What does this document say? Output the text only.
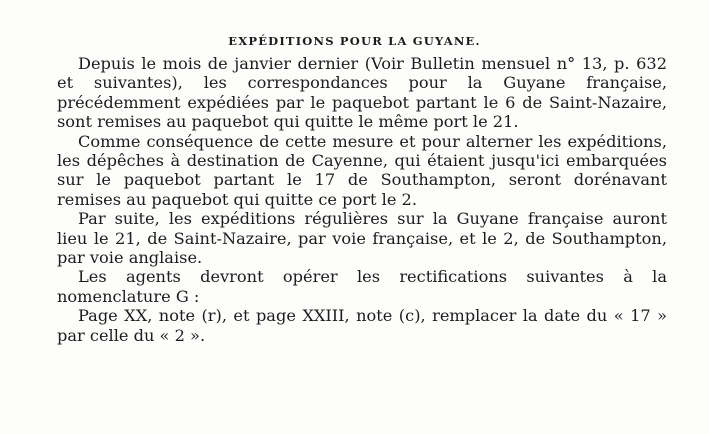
EXPÉDITIONS POUR LA GUYANE.

Depuis le mois de janvier dernier (Voir Bulletin mensuel n° 13, p. 632 et suivantes), les correspondances pour la Guyane française, précédemment expédiées par le paquebot partant le 6 de Saint-Nazaire, sont remises au paquebot qui quitte le même port le 21.

Comme conséquence de cette mesure et pour alterner les expéditions, les dépêches à destination de Cayenne, qui étaient jusqu'ici embarquées sur le paquebot partant le 17 de Southampton, seront dorénavant remises au paquebot qui quitte ce port le 2.

Par suite, les expéditions régulières sur la Guyane française auront lieu le 21, de Saint-Nazaire, par voie française, et le 2, de Southampton, par voie anglaise.

Les agents devront opérer les rectifications suivantes à la nomenclature G :

Page XX, note (r), et page XXIII, note (c), remplacer la date du « 17 » par celle du « 2 ».
